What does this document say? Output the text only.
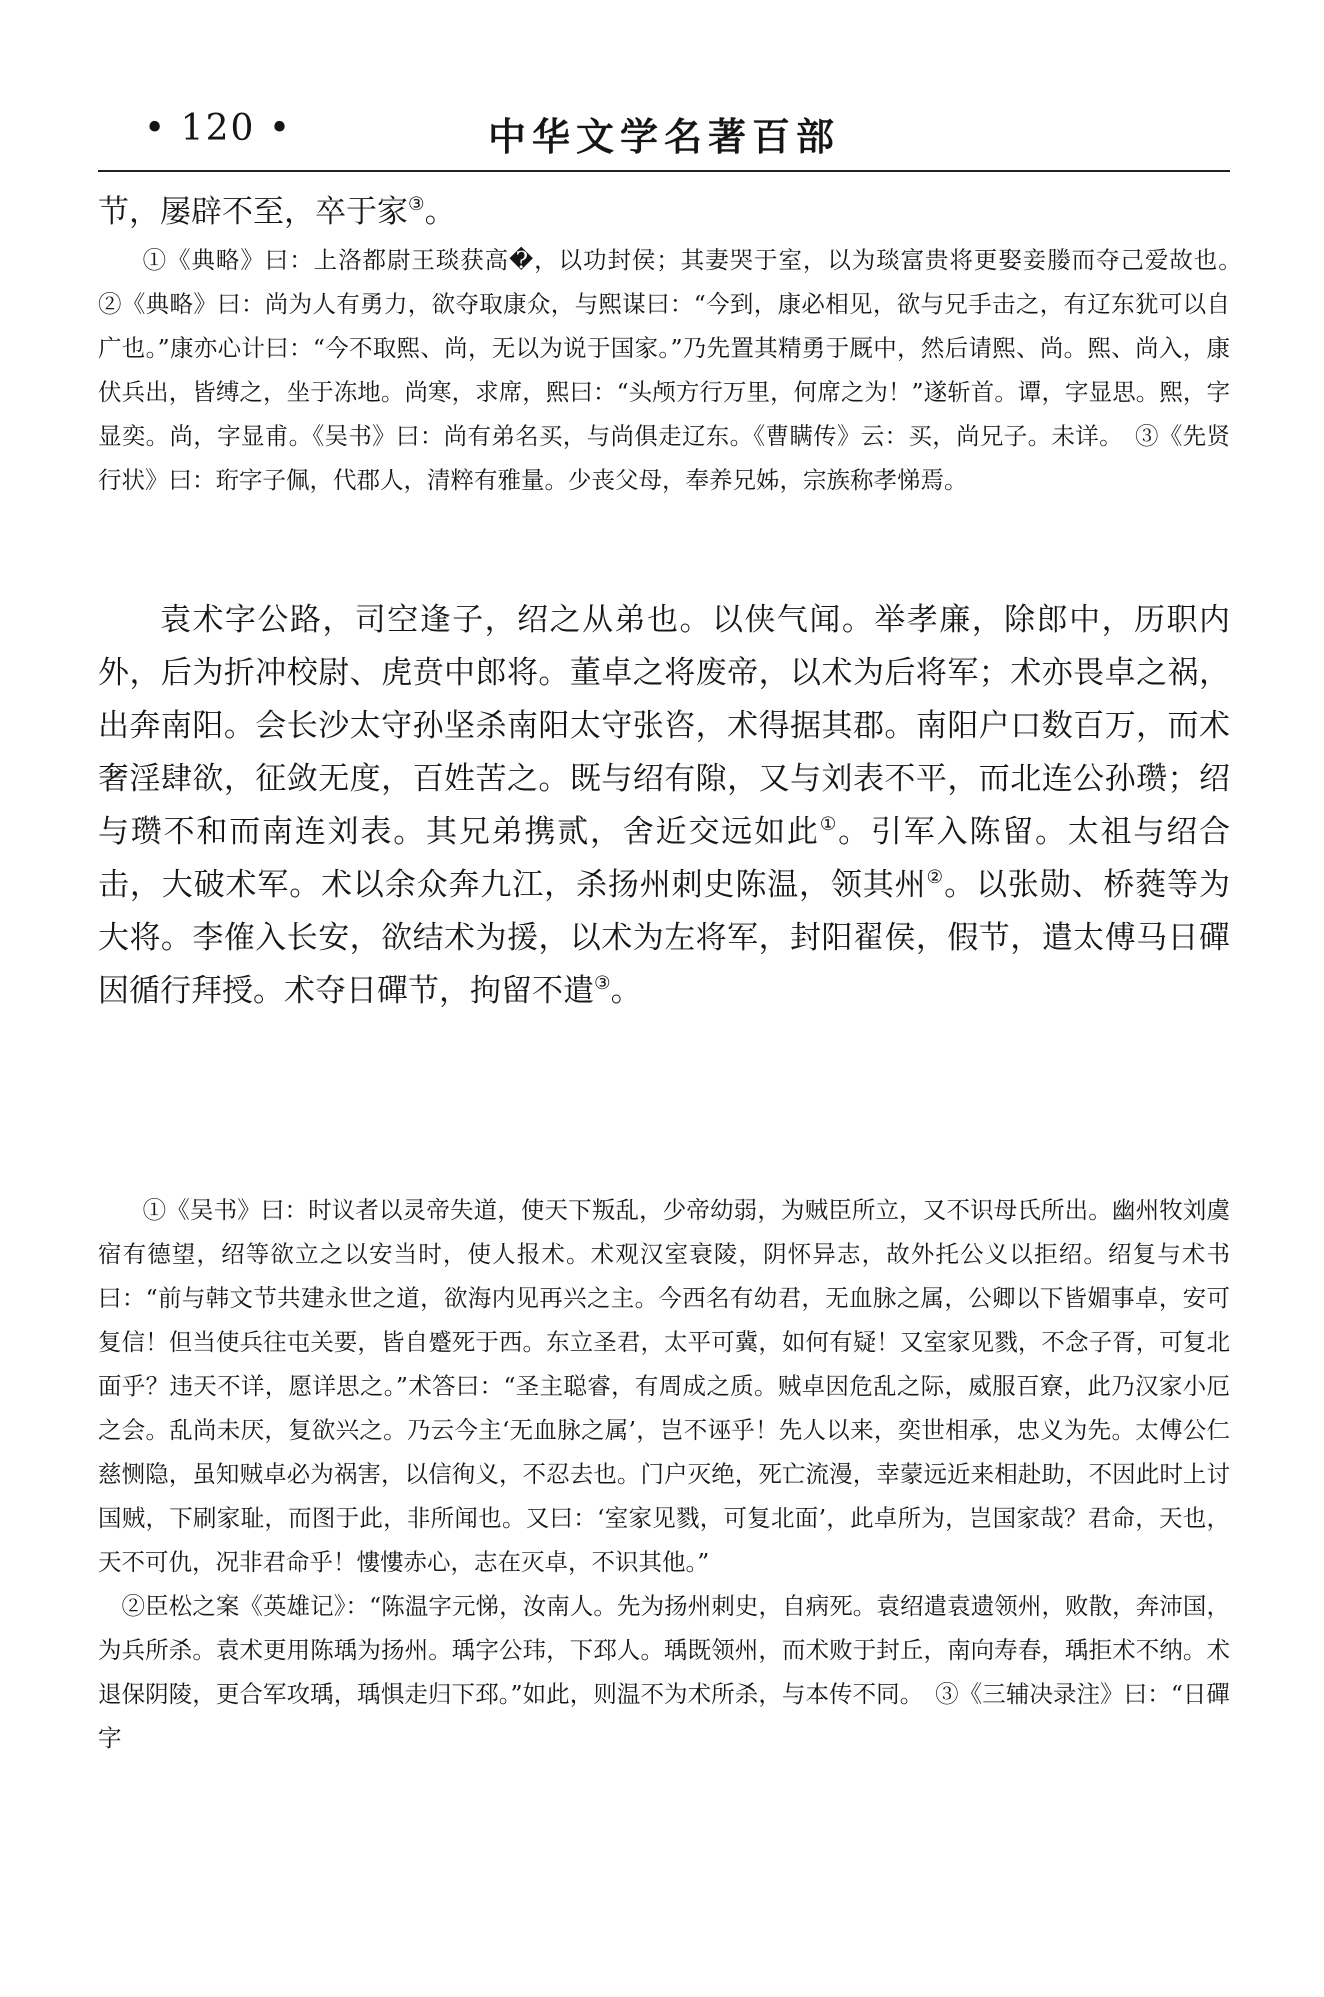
• 120 •	中华文学名著百部

节，屡辟不至，卒于家③。

①《典略》曰：上洛都尉王琰获高�，以功封侯；其妻哭于室，以为琰富贵将更娶妾媵而夺己爱故也。　②《典略》曰：尚为人有勇力，欲夺取康众，与熙谋曰：“今到，康必相见，欲与兄手击之，有辽东犹可以自广也。”康亦心计曰：“今不取熙、尚，无以为说于国家。”乃先置其精勇于厩中，然后请熙、尚。熙、尚入，康伏兵出，皆缚之，坐于冻地。尚寒，求席，熙曰：“头颅方行万里，何席之为！”遂斩首。谭，字显思。熙，字显奕。尚，字显甫。《吴书》曰：尚有弟名买，与尚俱走辽东。《曹瞒传》云：买，尚兄子。未详。　③《先贤行状》曰：珩字子佩，代郡人，清粹有雅量。少丧父母，奉养兄姊，宗族称孝悌焉。

袁术字公路，司空逢子，绍之从弟也。以侠气闻。举孝廉，除郎中，历职内外，后为折冲校尉、虎贲中郎将。董卓之将废帝，以术为后将军；术亦畏卓之祸，出奔南阳。会长沙太守孙坚杀南阳太守张咨，术得据其郡。南阳户口数百万，而术奢淫肆欲，征敛无度，百姓苦之。既与绍有隙，又与刘表不平，而北连公孙瓒；绍与瓒不和而南连刘表。其兄弟携贰，舍近交远如此①。引军入陈留。太祖与绍合击，大破术军。术以余众奔九江，杀扬州刺史陈温，领其州②。以张勋、桥蕤等为大将。李傕入长安，欲结术为援，以术为左将军，封阳翟侯，假节，遣太傅马日磾因循行拜授。术夺日磾节，拘留不遣③。

①《吴书》曰：时议者以灵帝失道，使天下叛乱，少帝幼弱，为贼臣所立，又不识母氏所出。幽州牧刘虞宿有德望，绍等欲立之以安当时，使人报术。术观汉室衰陵，阴怀异志，故外托公义以拒绍。绍复与术书曰：“前与韩文节共建永世之道，欲海内见再兴之主。今西名有幼君，无血脉之属，公卿以下皆媚事卓，安可复信！但当使兵往屯关要，皆自蹙死于西。东立圣君，太平可冀，如何有疑！又室家见戮，不念子胥，可复北面乎？违天不详，愿详思之。”术答曰：“圣主聪睿，有周成之质。贼卓因危乱之际，威服百寮，此乃汉家小厄之会。乱尚未厌，复欲兴之。乃云今主‘无血脉之属’，岂不诬乎！先人以来，奕世相承，忠义为先。太傅公仁慈恻隐，虽知贼卓必为祸害，以信徇义，不忍去也。门户灭绝，死亡流漫，幸蒙远近来相赴助，不因此时上讨国贼，下刷家耻，而图于此，非所闻也。又曰：‘室家见戮，可复北面’，此卓所为，岂国家哉？君命，天也，天不可仇，况非君命乎！慺慺赤心，志在灭卓，不识其他。”

②臣松之案《英雄记》：“陈温字元悌，汝南人。先为扬州刺史，自病死。袁绍遣袁遗领州，败散，奔沛国，为兵所杀。袁术更用陈瑀为扬州。瑀字公玮，下邳人。瑀既领州，而术败于封丘，南向寿春，瑀拒术不纳。术退保阴陵，更合军攻瑀，瑀惧走归下邳。”如此，则温不为术所杀，与本传不同。　③《三辅决录注》曰：“日磾字
